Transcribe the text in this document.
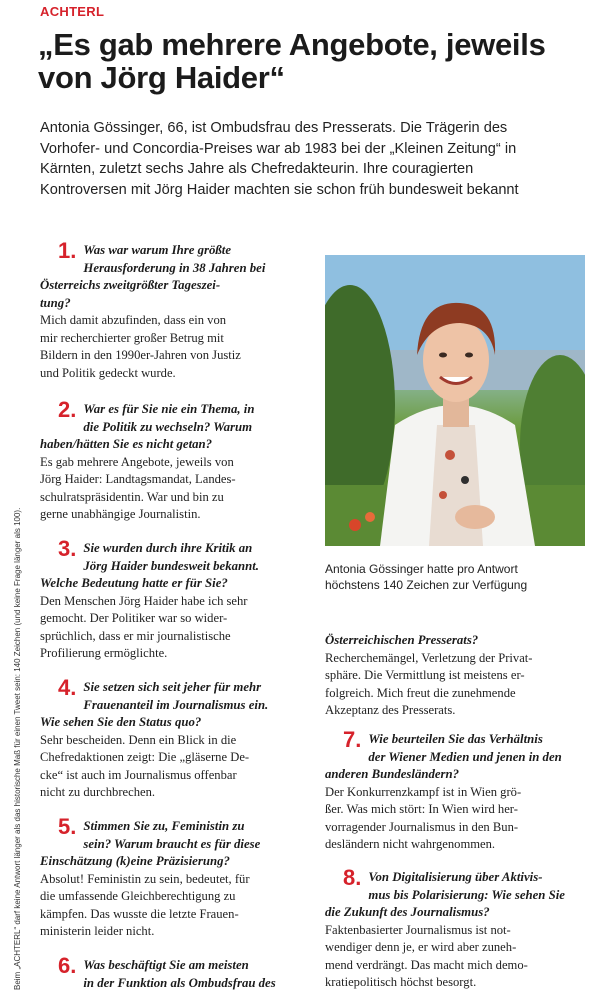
ACHTERL
„Es gab mehrere Angebote, jeweils von Jörg Haider“

Antonia Gössinger, 66, ist Ombudsfrau des Presserats. Die Trägerin des
Vorhofer- und Concordia-Preises war ab 1983 bei der „Kleinen Zeitung“ in
Kärnten, zuletzt sechs Jahre als Chefredakteurin. Ihre couragierten
Kontroversen mit Jörg Haider machten sie schon früh bundesweit bekannt

Beim „ACHTERL“ darf keine Antwort länger als das historische Maß für einen Tweet sein: 140 Zeichen (und keine Frage länger als 100).
1. Was war warum Ihre größte
Herausforderung in 38 Jahren bei
Österreichs zweitgrößter Tageszei-
tung?

Mich damit abzufinden, dass ein von
mir recherchierter großer Betrug mit
Bildern in den 1990er-Jahren von Justiz
und Politik gedeckt wurde.

2. War es für Sie nie ein Thema, in
die Politik zu wechseln? Warum
haben/hätten Sie es nicht getan?

Es gab mehrere Angebote, jeweils von
Jörg Haider: Landtagsmandat, Landes-
schulratspräsidentin. War und bin zu
gerne unabhängige Journalistin.

3. Sie wurden durch ihre Kritik an
Jörg Haider bundesweit bekannt.
Welche Bedeutung hatte er für Sie?

Den Menschen Jörg Haider habe ich sehr
gemocht. Der Politiker war so wider-
sprüchlich, dass er mir journalistische
Profilierung ermöglichte.

4. Sie setzen sich seit jeher für mehr
Frauenanteil im Journalismus ein.
Wie sehen Sie den Status quo?

Sehr bescheiden. Denn ein Blick in die
Chefredaktionen zeigt: Die „gläserne De-
cke“ ist auch im Journalismus offenbar
nicht zu durchbrechen.

5. Stimmen Sie zu, Feministin zu
sein? Warum braucht es für diese
Einschätzung (k)eine Präzisierung?

Absolut! Feministin zu sein, bedeutet, für
die umfassende Gleichberechtigung zu
kämpfen. Das wusste die letzte Frauen-
ministerin leider nicht.

6. Was beschäftigt Sie am meisten
in der Funktion als Ombudsfrau des

Antonia Gössinger hatte pro Antwort
höchstens 140 Zeichen zur Verfügung

Österreichischen Presserats?

Recherchemängel, Verletzung der Privat-
sphäre. Die Vermittlung ist meistens er-
folgreich. Mich freut die zunehmende
Akzeptanz des Presserats.

7. Wie beurteilen Sie das Verhältnis
der Wiener Medien und jenen in den
anderen Bundesländern?

Der Konkurrenzkampf ist in Wien grö-
ßer. Was mich stört: In Wien wird her-
vorragender Journalismus in den Bun-
desländern nicht wahrgenommen.

8. Von Digitalisierung über Aktivis-
mus bis Polarisierung: Wie sehen Sie
die Zukunft des Journalismus?

Faktenbasierter Journalismus ist not-
wendiger denn je, er wird aber zuneh-
mend verdrängt. Das macht mich demo-
kratiepolitisch höchst besorgt.
